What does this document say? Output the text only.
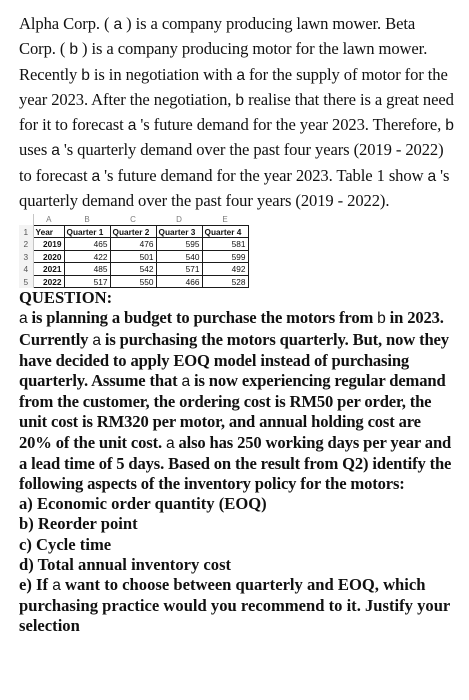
Alpha Corp. ( a ) is a company producing lawn mower. Beta Corp. ( b ) is a company producing motor for the lawn mower. Recently b is in negotiation with a for the supply of motor for the year 2023. After the negotiation, b realise that there is a great need for it to forecast a 's future demand for the year 2023. Therefore, b uses a 's quarterly demand over the past four years (2019 - 2022) to forecast a 's future demand for the year 2023. Table 1 show a 's quarterly demand over the past four years (2019 - 2022).

	A	B	C	D	E
1	Year	Quarter 1	Quarter 2	Quarter 3	Quarter 4
2	2019	465	476	595	581
3	2020	422	501	540	599
4	2021	485	542	571	492
5	2022	517	550	466	528

QUESTION:

a is planning a budget to purchase the motors from b in 2023. Currently a is purchasing the motors quarterly. But, now they have decided to apply EOQ model instead of purchasing quarterly. Assume that a is now experiencing regular demand from the customer, the ordering cost is RM50 per order, the unit cost is RM320 per motor, and annual holding cost are 20% of the unit cost. a also has 250 working days per year and a lead time of 5 days. Based on the result from Q2) identify the following aspects of the inventory policy for the motors:

a) Economic order quantity (EOQ)
b) Reorder point
c) Cycle time
d) Total annual inventory cost
e) If a want to choose between quarterly and EOQ, which purchasing practice would you recommend to it. Justify your selection
